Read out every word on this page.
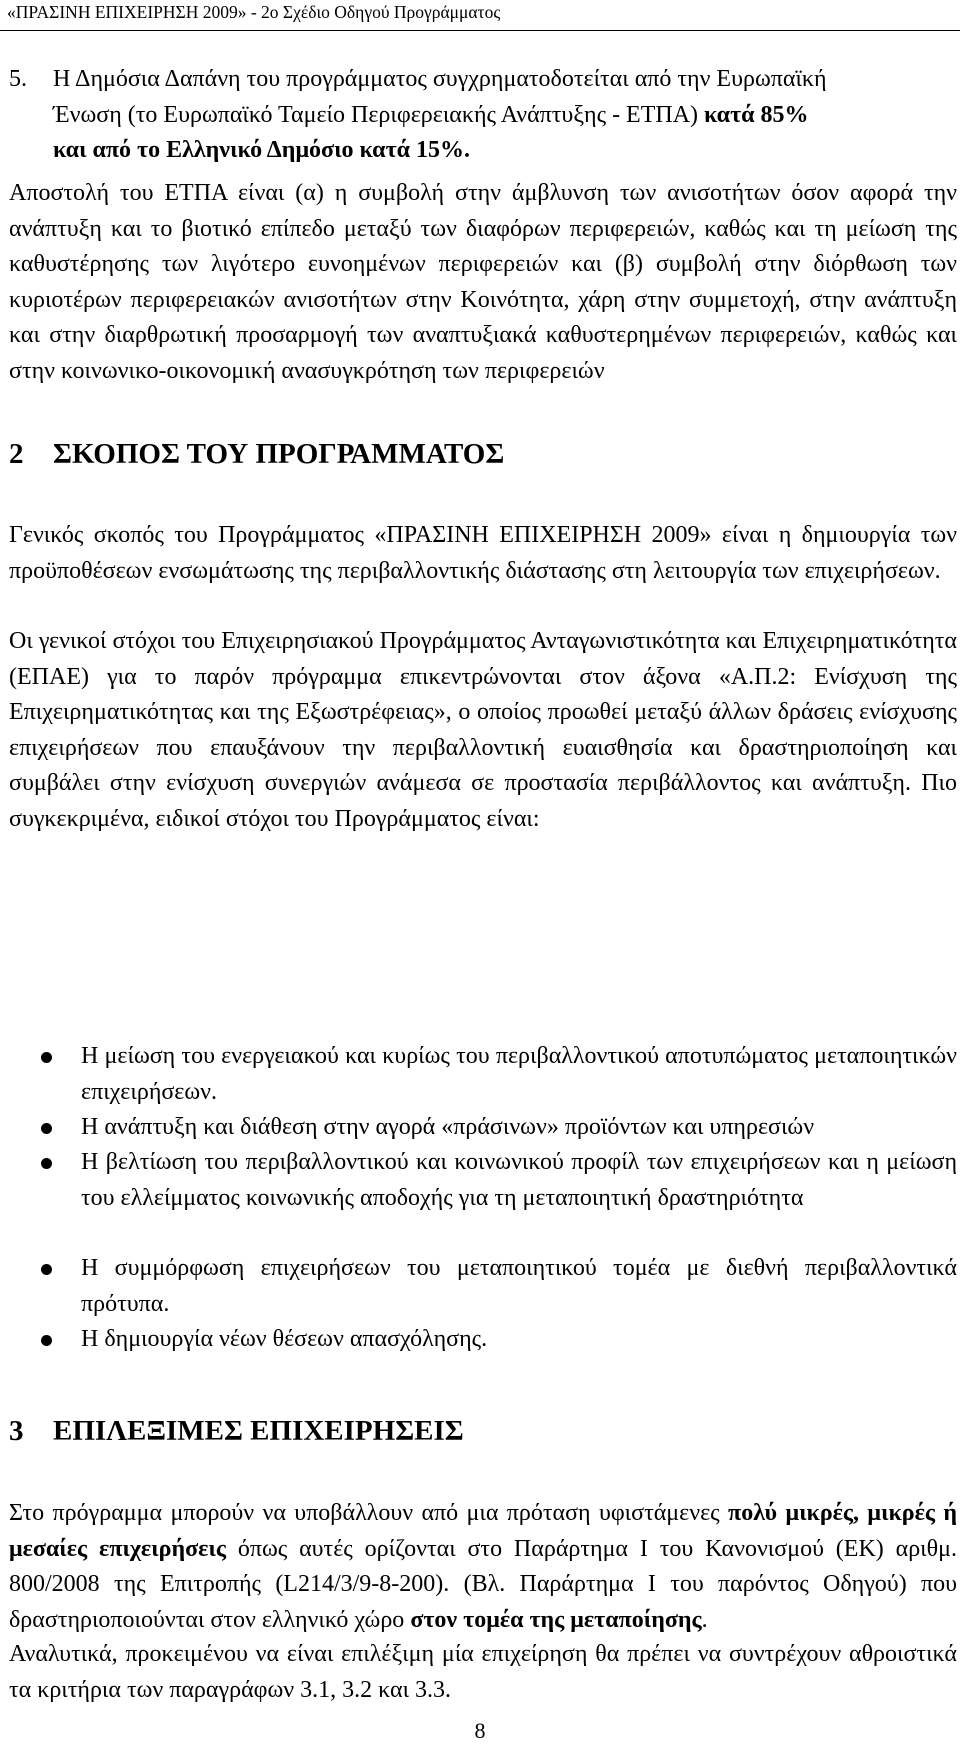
«ΠΡΑΣΙΝΗ ΕΠΙΧΕΙΡΗΣΗ 2009» - 2ο Σχέδιο Οδηγού Προγράμματος
5. Η Δημόσια Δαπάνη του προγράμματος συγχρηματοδοτείται από την Ευρωπαϊκή
Ένωση (το Ευρωπαϊκό Ταμείο Περιφερειακής Ανάπτυξης - ΕΤΠΑ) κατά 85%
και από το Ελληνικό Δημόσιο κατά 15%.
Αποστολή του ΕΤΠΑ είναι (α) η συμβολή στην άμβλυνση των ανισοτήτων όσον αφορά την ανάπτυξη και το βιοτικό επίπεδο μεταξύ των διαφόρων περιφερειών, καθώς και τη μείωση της καθυστέρησης των λιγότερο ευνοημένων περιφερειών και (β) συμβολή στην διόρθωση των κυριοτέρων περιφερειακών ανισοτήτων στην Κοινότητα, χάρη στην συμμετοχή, στην ανάπτυξη και στην διαρθρωτική προσαρμογή των αναπτυξιακά καθυστερημένων περιφερειών, καθώς και στην κοινωνικο-οικονομική ανασυγκρότηση των περιφερειών
2 ΣΚΟΠΟΣ ΤΟΥ ΠΡΟΓΡΑΜΜΑΤΟΣ
Γενικός σκοπός του Προγράμματος «ΠΡΑΣΙΝΗ ΕΠΙΧΕΙΡΗΣΗ 2009» είναι η δημιουργία των προϋποθέσεων ενσωμάτωσης της περιβαλλοντικής διάστασης στη λειτουργία των επιχειρήσεων.
Οι γενικοί στόχοι του Επιχειρησιακού Προγράμματος Ανταγωνιστικότητα και Επιχειρηματικότητα (ΕΠΑΕ) για το παρόν πρόγραμμα επικεντρώνονται στον άξονα «Α.Π.2: Ενίσχυση της Επιχειρηματικότητας και της Εξωστρέφειας», ο οποίος προωθεί μεταξύ άλλων δράσεις ενίσχυσης επιχειρήσεων που επαυξάνουν την περιβαλλοντική ευαισθησία και δραστηριοποίηση και συμβάλει στην ενίσχυση συνεργιών ανάμεσα σε προστασία περιβάλλοντος και ανάπτυξη. Πιο συγκεκριμένα, ειδικοί στόχοι του Προγράμματος είναι:
Η μείωση του ενεργειακού και κυρίως του περιβαλλοντικού αποτυπώματος μεταποιητικών επιχειρήσεων.
Η ανάπτυξη και διάθεση στην αγορά «πράσινων» προϊόντων και υπηρεσιών
Η βελτίωση του περιβαλλοντικού και κοινωνικού προφίλ των επιχειρήσεων και η μείωση του ελλείμματος κοινωνικής αποδοχής για τη μεταποιητική δραστηριότητα
Η συμμόρφωση επιχειρήσεων του μεταποιητικού τομέα με διεθνή περιβαλλοντικά πρότυπα.
Η δημιουργία νέων θέσεων απασχόλησης.
3 ΕΠΙΛΕΞΙΜΕΣ ΕΠΙΧΕΙΡΗΣΕΙΣ
Στο πρόγραμμα μπορούν να υποβάλλουν από μια πρόταση υφιστάμενες πολύ μικρές, μικρές ή μεσαίες επιχειρήσεις όπως αυτές ορίζονται στο Παράρτημα Ι του Κανονισμού (ΕΚ) αριθμ. 800/2008 της Επιτροπής (L214/3/9-8-200). (Βλ. Παράρτημα Ι του παρόντος Οδηγού) που δραστηριοποιούνται στον ελληνικό χώρο στον τομέα της μεταποίησης.
Αναλυτικά, προκειμένου να είναι επιλέξιμη μία επιχείρηση θα πρέπει να συντρέχουν αθροιστικά τα κριτήρια των παραγράφων 3.1, 3.2 και 3.3.
8
